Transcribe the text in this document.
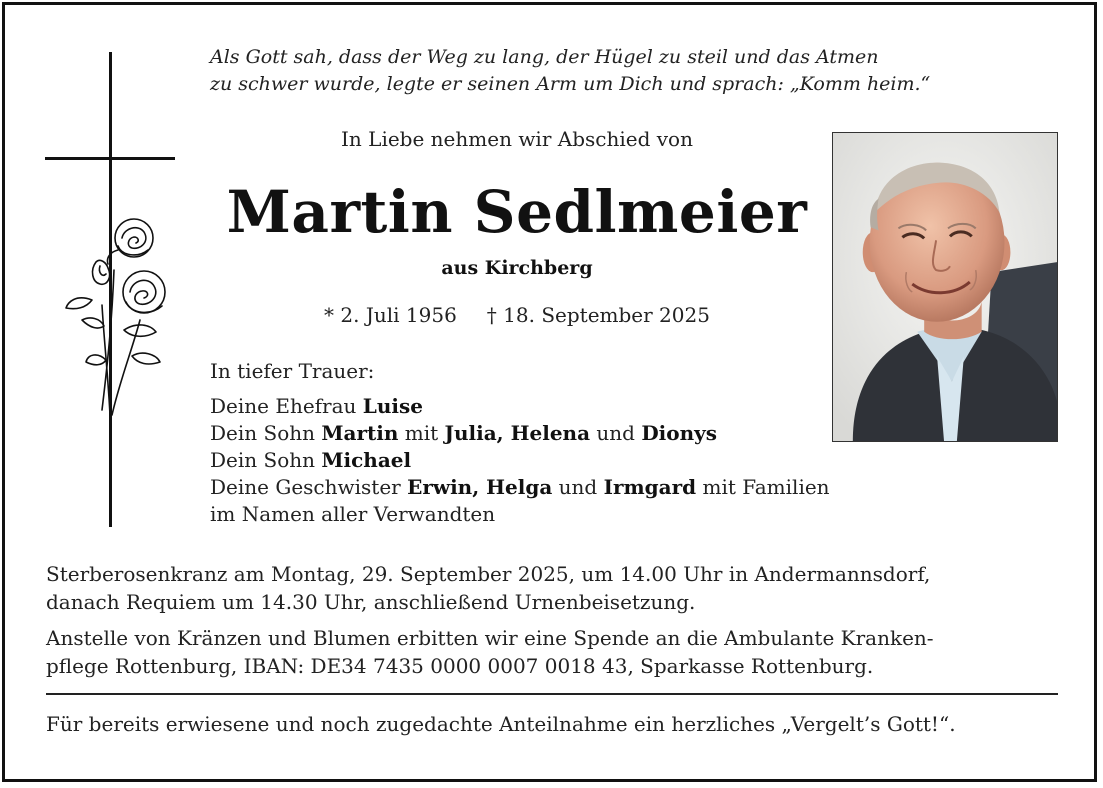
Als Gott sah, dass der Weg zu lang, der Hügel zu steil und das Atmen
zu schwer wurde, legte er seinen Arm um Dich und sprach: „Komm heim.“
In Liebe nehmen wir Abschied von
Martin Sedlmeier
aus Kirchberg
* 2. Juli 1956 † 18. September 2025
In tiefer Trauer:
Deine Ehefrau Luise
Dein Sohn Martin mit Julia, Helena und Dionys
Dein Sohn Michael
Deine Geschwister Erwin, Helga und Irmgard mit Familien
im Namen aller Verwandten
Sterberosenkranz am Montag, 29. September 2025, um 14.00 Uhr in Andermannsdorf,
danach Requiem um 14.30 Uhr, anschließend Urnenbeisetzung.
Anstelle von Kränzen und Blumen erbitten wir eine Spende an die Ambulante Kranken-
pflege Rottenburg, IBAN: DE34 7435 0000 0007 0018 43, Sparkasse Rottenburg.
Für bereits erwiesene und noch zugedachte Anteilnahme ein herzliches „Vergelt’s Gott!“.
